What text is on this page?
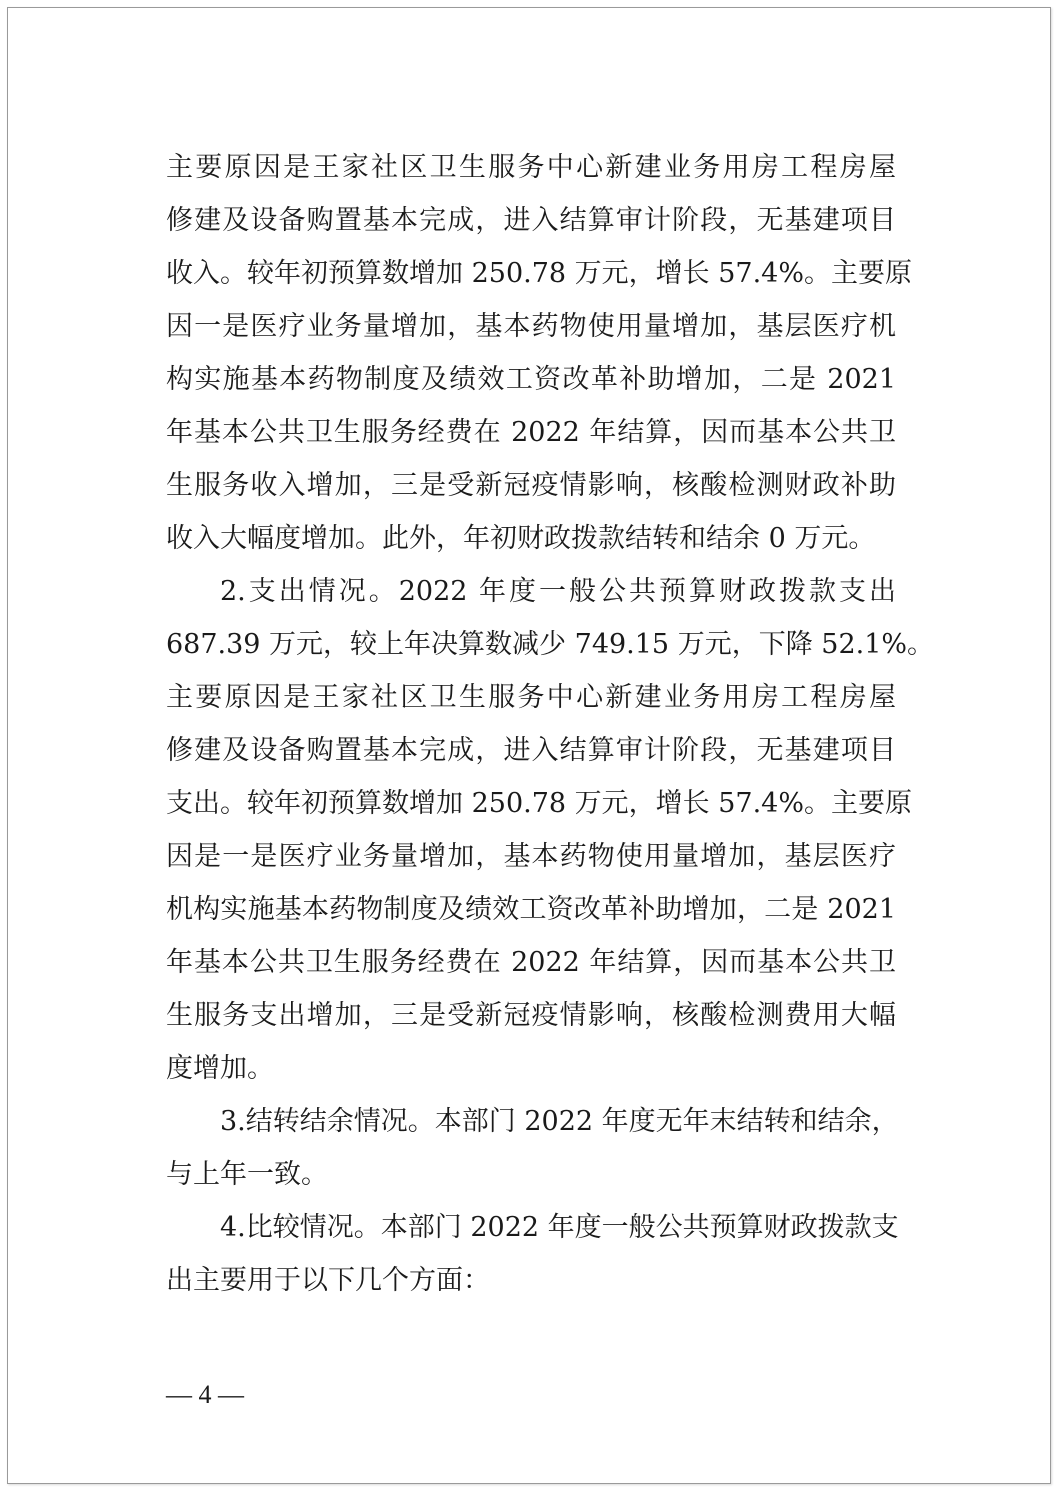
主要原因是王家社区卫生服务中心新建业务用房工程房屋
修建及设备购置基本完成，进入结算审计阶段，无基建项目
收入。较年初预算数增加 250.78 万元，增长 57.4%。主要原
因一是医疗业务量增加，基本药物使用量增加，基层医疗机
构实施基本药物制度及绩效工资改革补助增加，二是 2021
年基本公共卫生服务经费在 2022 年结算，因而基本公共卫
生服务收入增加，三是受新冠疫情影响，核酸检测财政补助
收入大幅度增加。此外，年初财政拨款结转和结余 0 万元。
2.支出情况。2022 年度一般公共预算财政拨款支出
687.39 万元，较上年决算数减少 749.15 万元，下降 52.1%。
主要原因是王家社区卫生服务中心新建业务用房工程房屋
修建及设备购置基本完成，进入结算审计阶段，无基建项目
支出。较年初预算数增加 250.78 万元，增长 57.4%。主要原
因是一是医疗业务量增加，基本药物使用量增加，基层医疗
机构实施基本药物制度及绩效工资改革补助增加，二是 2021
年基本公共卫生服务经费在 2022 年结算，因而基本公共卫
生服务支出增加，三是受新冠疫情影响，核酸检测费用大幅
度增加。
3.结转结余情况。本部门 2022 年度无年末结转和结余，
与上年一致。
4.比较情况。本部门 2022 年度一般公共预算财政拨款支
出主要用于以下几个方面：
— 4 —
